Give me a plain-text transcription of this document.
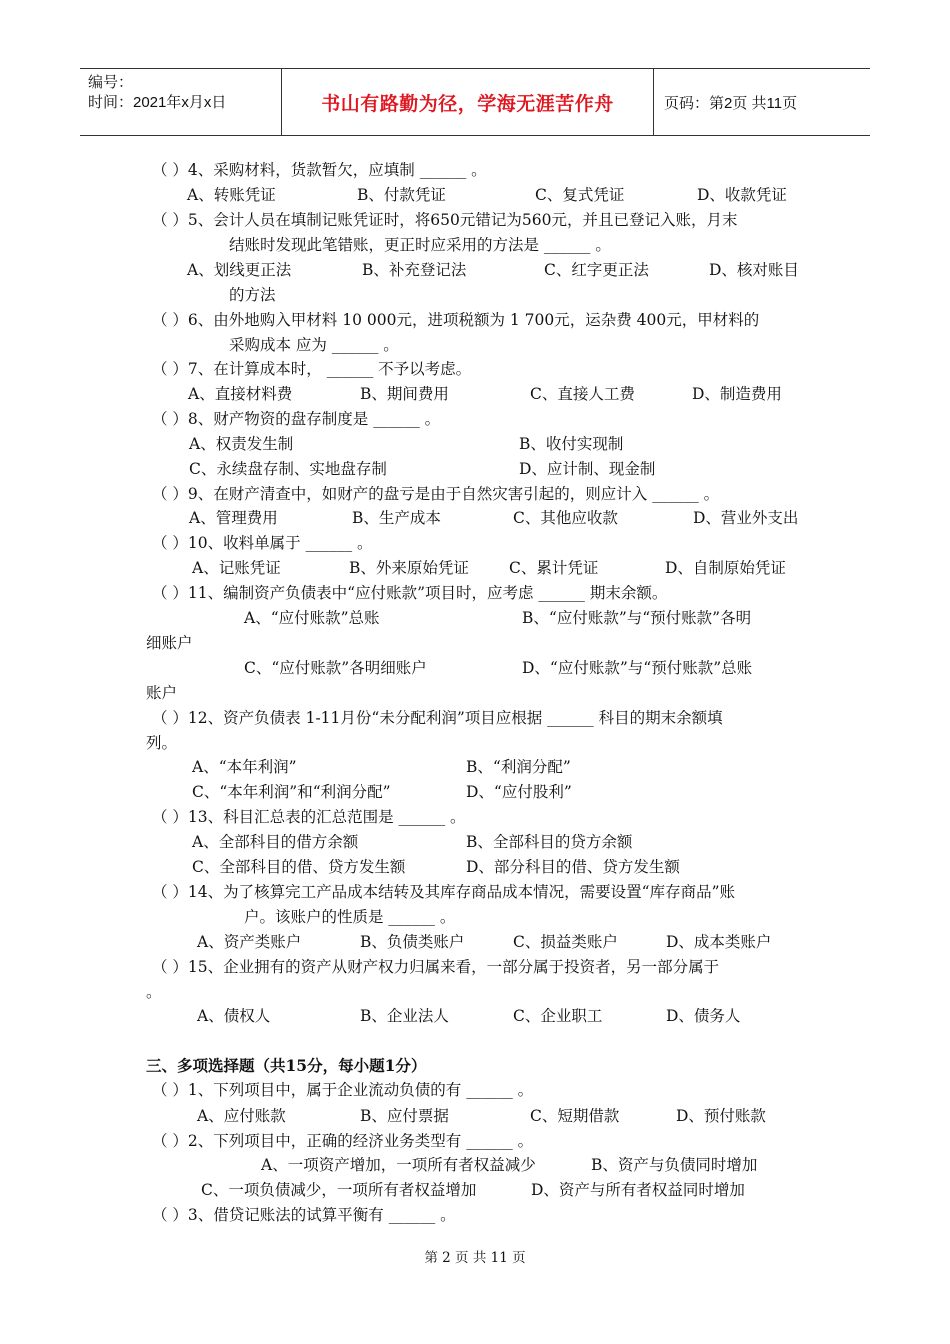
编号：
时间：2021年x月x日	书山有路勤为径，学海无涯苦作舟	页码：第2页 共11页
（ ）4、采购材料，货款暂欠，应填制 ______ 。
A、转账凭证	B、付款凭证	C、复式凭证	D、收款凭证
（ ）5、会计人员在填制记账凭证时，将650元错记为560元，并且已登记入账，月末
结账时发现此笔错账，更正时应采用的方法是 ______ 。
A、划线更正法	B、补充登记法	C、红字更正法	D、核对账目
的方法
（ ）6、由外地购入甲材料 10 000元，进项税额为 1 700元，运杂费 400元，甲材料的
采购成本 应为 ______ 。
（ ）7、在计算成本时， ______ 不予以考虑。
A、直接材料费	B、期间费用	C、直接人工费	D、制造费用
（ ）8、财产物资的盘存制度是 ______ 。
A、权责发生制	B、收付实现制
C、永续盘存制、实地盘存制	D、应计制、现金制
（ ）9、在财产清查中，如财产的盘亏是由于自然灾害引起的，则应计入 ______ 。
A、管理费用	B、生产成本	C、其他应收款	D、营业外支出
（ ）10、收料单属于 ______ 。
A、记账凭证	B、外来原始凭证	C、累计凭证	D、自制原始凭证
（ ）11、编制资产负债表中“应付账款”项目时，应考虑 ______ 期末余额。
A、“应付账款”总账	B、“应付账款”与“预付账款”各明
细账户
C、“应付账款”各明细账户	D、“应付账款”与“预付账款”总账
账户
（ ）12、资产负债表 1-11月份“未分配利润”项目应根据 ______ 科目的期末余额填
列。
A、“本年利润”	B、“利润分配”
C、“本年利润”和“利润分配”	D、“应付股利”
（ ）13、科目汇总表的汇总范围是 ______ 。
A、全部科目的借方余额	B、全部科目的贷方余额
C、全部科目的借、贷方发生额	D、部分科目的借、贷方发生额
（ ）14、为了核算完工产品成本结转及其库存商品成本情况，需要设置“库存商品”账
户。该账户的性质是 ______ 。
A、资产类账户	B、负债类账户	C、损益类账户	D、成本类账户
（ ）15、企业拥有的资产从财产权力归属来看，一部分属于投资者，另一部分属于
。
A、债权人	B、企业法人	C、企业职工	D、债务人
三、多项选择题（共15分，每小题1分）
（ ）1、下列项目中，属于企业流动负债的有 ______ 。
A、应付账款	B、应付票据	C、短期借款	D、预付账款
（ ）2、下列项目中，正确的经济业务类型有 ______ 。
A、一项资产增加，一项所有者权益减少	B、资产与负债同时增加
C、一项负债减少，一项所有者权益增加	D、资产与所有者权益同时增加
（ ）3、借贷记账法的试算平衡有 ______ 。
第 2 页 共 11 页
